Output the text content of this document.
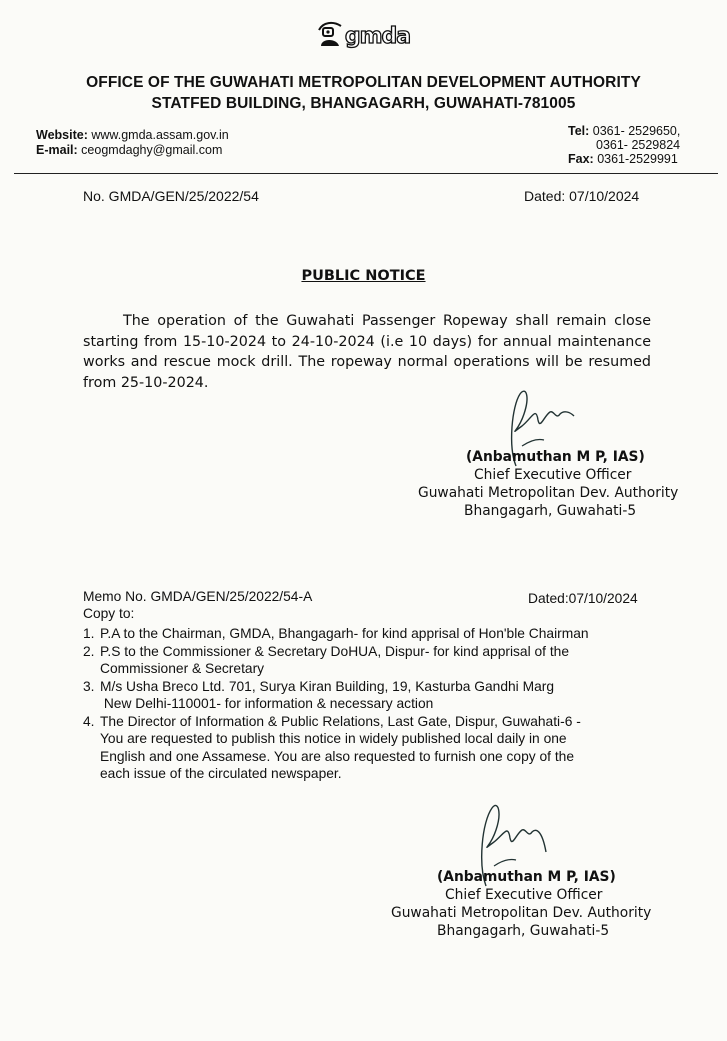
gmda
OFFICE OF THE GUWAHATI METROPOLITAN DEVELOPMENT AUTHORITY
STATFED BUILDING, BHANGAGARH, GUWAHATI-781005
Website: www.gmda.assam.gov.in
E-mail: ceogmdaghy@gmail.com
Tel: 0361- 2529650,
0361- 2529824
Fax: 0361-2529991
No. GMDA/GEN/25/2022/54	Dated: 07/10/2024
PUBLIC NOTICE
The operation of the Guwahati Passenger Ropeway shall remain close starting from 15-10-2024 to 24-10-2024 (i.e 10 days) for annual maintenance works and rescue mock drill. The ropeway normal operations will be resumed from 25-10-2024.
(Anbamuthan M P, IAS)
Chief Executive Officer
Guwahati Metropolitan Dev. Authority
Bhangagarh, Guwahati-5
Memo No. GMDA/GEN/25/2022/54-A	Dated:07/10/2024
Copy to:
1. P.A to the Chairman, GMDA, Bhangagarh- for kind apprisal of Hon'ble Chairman
2. P.S to the Commissioner & Secretary DoHUA, Dispur- for kind apprisal of the
Commissioner & Secretary
3. M/s Usha Breco Ltd. 701, Surya Kiran Building, 19, Kasturba Gandhi Marg
New Delhi-110001- for information & necessary action
4. The Director of Information & Public Relations, Last Gate, Dispur, Guwahati-6 -
You are requested to publish this notice in widely published local daily in one
English and one Assamese. You are also requested to furnish one copy of the
each issue of the circulated newspaper.
(Anbamuthan M P, IAS)
Chief Executive Officer
Guwahati Metropolitan Dev. Authority
Bhangagarh, Guwahati-5
